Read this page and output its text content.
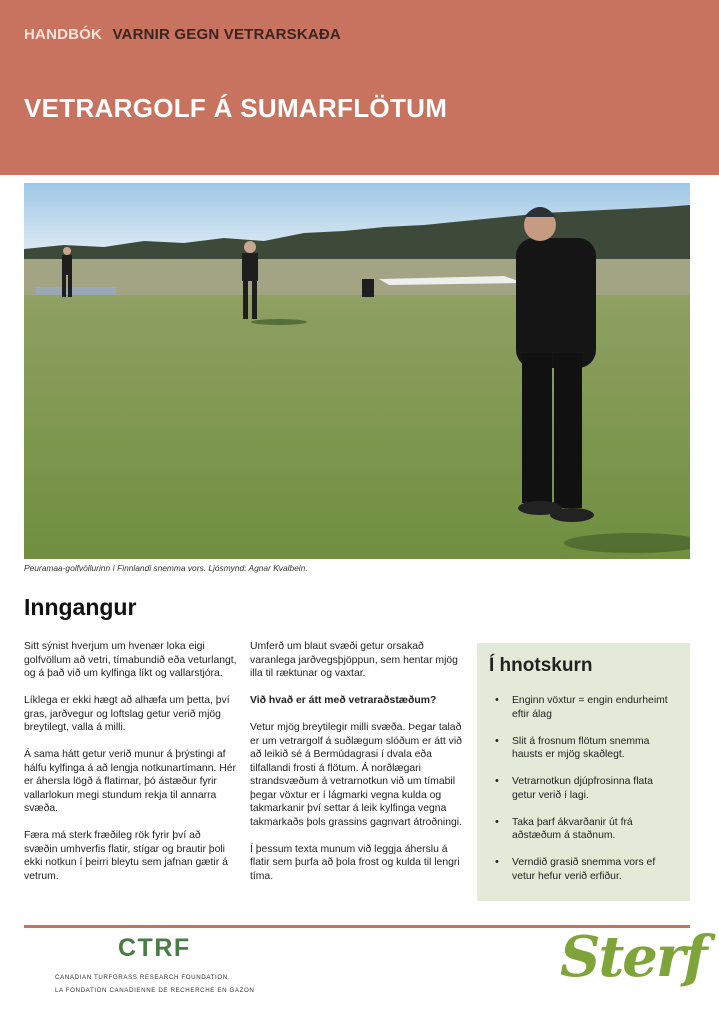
HANDBÓK VARNIR GEGN VETRARSKAÐA
VETRARGOLF Á SUMARFLÖTUM
Peuramaa-golfvöllurinn í Finnlandi snemma vors. Ljósmynd: Agnar Kvalbein.
Inngangur

Sitt sýnist hverjum um hvenær loka eigi golfvöllum að vetri, tímabundið eða veturlangt, og á það við um kylfinga líkt og vallarstjóra.

Líklega er ekki hægt að alhæfa um þetta, því gras, jarðvegur og loftslag getur verið mjög breytilegt, valla á milli.

Á sama hátt getur verið munur á þrýstingi af hálfu kylfinga á að lengja notkunartímann. Hér er áhersla lögð á flatirnar, þó ástæður fyrir vallarlokun megi stundum rekja til annarra svæða.

Færa má sterk fræðileg rök fyrir því að svæðin umhverfis flatir, stígar og brautir þoli ekki notkun í þeirri bleytu sem jafnan gætir á vetrum.

Umferð um blaut svæði getur orsakað varanlega jarðvegsþjöppun, sem hentar mjög illa til ræktunar og vaxtar.

Við hvað er átt með vetraraðstæðum?

Vetur mjög breytilegir milli svæða. Þegar talað er um vetrargolf á suðlægum slóðum er átt við að leikið sé á Bermúdagrasi í dvala eða tilfallandi frosti á flötum. Á norðlægari strandsvæðum á vetrarnotkun við um tímabil þegar vöxtur er í lágmarki vegna kulda og takmarkanir því settar á leik kylfinga vegna takmarkaðs þols grassins gagnvart átroðningi.

Í þessum texta munum við leggja áherslu á flatir sem þurfa að þola frost og kulda til lengri tíma.

Í hnotskurn
• Enginn vöxtur = engin endurheimt eftir álag
• Slit á frosnum flötum snemma hausts er mjög skaðlegt.
• Vetrarnotkun djúpfrosinna flata getur verið í lagi.
• Taka þarf ákvarðanir út frá aðstæðum á staðnum.
• Verndið grasið snemma vors ef vetur hefur verið erfiður.
CTRF
CANADIAN TURFGRASS RESEARCH FOUNDATION
LA FONDATION CANADIENNE DE RECHERCHE EN GAZON
Sterf
